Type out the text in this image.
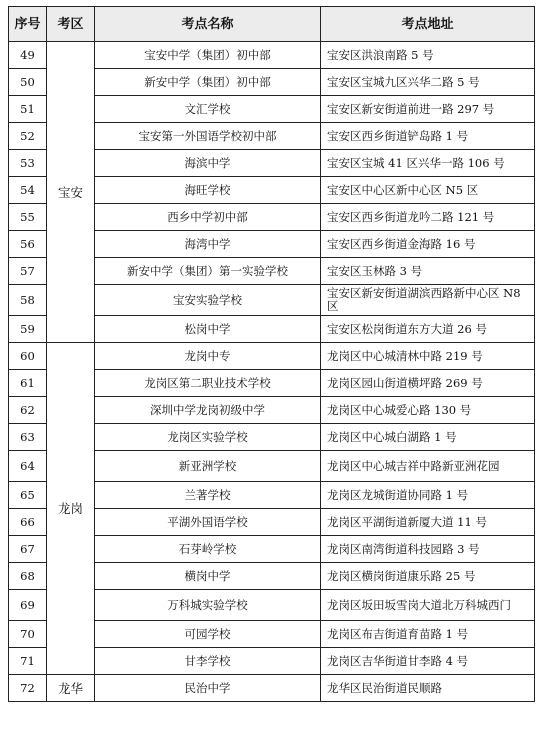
序号	考区	考点名称	考点地址
49	宝安	宝安中学（集团）初中部	宝安区洪浪南路 5 号
50		新安中学（集团）初中部	宝安区宝城九区兴华二路 5 号
51		文汇学校	宝安区新安街道前进一路 297 号
52		宝安第一外国语学校初中部	宝安区西乡街道铲岛路 1 号
53		海滨中学	宝安区宝城 41 区兴华一路 106 号
54		海旺学校	宝安区中心区新中心区 N5 区
55		西乡中学初中部	宝安区西乡街道龙吟二路 121 号
56		海湾中学	宝安区西乡街道金海路 16 号
57		新安中学（集团）第一实验学校	宝安区玉林路 3 号
58		宝安实验学校	宝安区新安街道湖滨西路新中心区 N8 区
59		松岗中学	宝安区松岗街道东方大道 26 号
60	龙岗	龙岗中专	龙岗区中心城清林中路 219 号
61		龙岗区第二职业技术学校	龙岗区园山街道横坪路 269 号
62		深圳中学龙岗初级中学	龙岗区中心城爱心路 130 号
63		龙岗区实验学校	龙岗区中心城白湖路 1 号
64		新亚洲学校	龙岗区中心城吉祥中路新亚洲花园
65		兰著学校	龙岗区龙城街道协同路 1 号
66		平湖外国语学校	龙岗区平湖街道新厦大道 11 号
67		石芽岭学校	龙岗区南湾街道科技园路 3 号
68		横岗中学	龙岗区横岗街道康乐路 25 号
69		万科城实验学校	龙岗区坂田坂雪岗大道北万科城西门
70		可园学校	龙岗区布吉街道育苗路 1 号
71		甘李学校	龙岗区吉华街道甘李路 4 号
72	龙华	民治中学	龙华区民治街道民顺路
